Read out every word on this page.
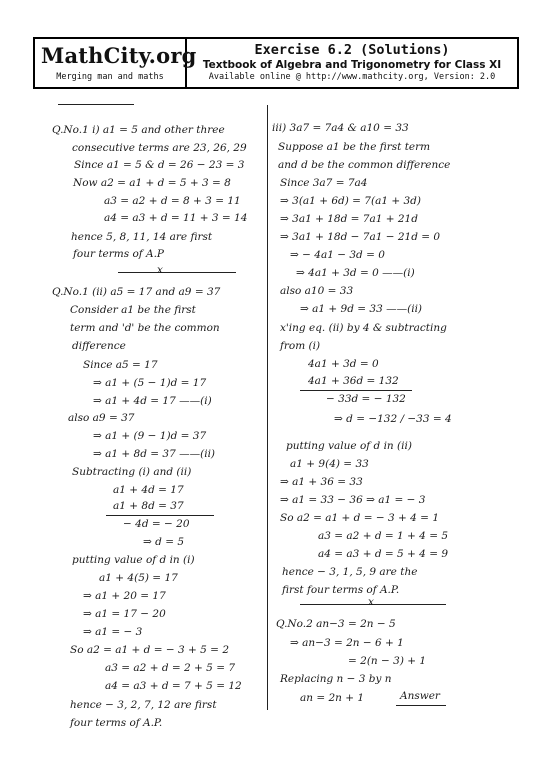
MathCity.org
Merging man and maths
Exercise 6.2 (Solutions)
Textbook of Algebra and Trigonometry for Class XI
Available online @ http://www.mathcity.org, Version: 2.0
Q.No.1 i) a1 = 5 and other three
consecutive terms are 23, 26, 29
Since a1 = 5 & d = 26 − 23 = 3
Now a2 = a1 + d = 5 + 3 = 8
a3 = a2 + d = 8 + 3 = 11
a4 = a3 + d = 11 + 3 = 14
hence 5, 8, 11, 14 are first
four terms of A.P
x
Q.No.1 (ii) a5 = 17 and a9 = 37
Consider a1 be the first
term and 'd' be the common
difference
Since a5 = 17
⇒ a1 + (5 − 1)d = 17
⇒ a1 + 4d = 17 ——(i)
also a9 = 37
⇒ a1 + (9 − 1)d = 37
⇒ a1 + 8d = 37 ——(ii)
Subtracting (i) and (ii)
a1 + 4d = 17
a1 + 8d = 37
− 4d = − 20
⇒ d = 5
putting value of d in (i)
a1 + 4(5) = 17
⇒ a1 + 20 = 17
⇒ a1 = 17 − 20
⇒ a1 = − 3
So a2 = a1 + d = − 3 + 5 = 2
a3 = a2 + d = 2 + 5 = 7
a4 = a3 + d = 7 + 5 = 12
hence − 3, 2, 7, 12 are first
four terms of A.P.
iii) 3a7 = 7a4 & a10 = 33
Suppose a1 be the first term
and d be the common difference
Since 3a7 = 7a4
⇒ 3(a1 + 6d) = 7(a1 + 3d)
⇒ 3a1 + 18d = 7a1 + 21d
⇒ 3a1 + 18d − 7a1 − 21d = 0
⇒ − 4a1 − 3d = 0
⇒ 4a1 + 3d = 0 ——(i)
also a10 = 33
⇒ a1 + 9d = 33 ——(ii)
x'ing eq. (ii) by 4 & subtracting
from (i)
4a1 + 3d = 0
4a1 + 36d = 132
− 33d = − 132
⇒ d = −132 / −33 = 4
putting value of d in (ii)
a1 + 9(4) = 33
⇒ a1 + 36 = 33
⇒ a1 = 33 − 36 ⇒ a1 = − 3
So a2 = a1 + d = − 3 + 4 = 1
a3 = a2 + d = 1 + 4 = 5
a4 = a3 + d = 5 + 4 = 9
hence − 3, 1, 5, 9 are the
first four terms of A.P.
x
Q.No.2 an−3 = 2n − 5
⇒ an−3 = 2n − 6 + 1
= 2(n − 3) + 1
Replacing n − 3 by n
an = 2n + 1	Answer
